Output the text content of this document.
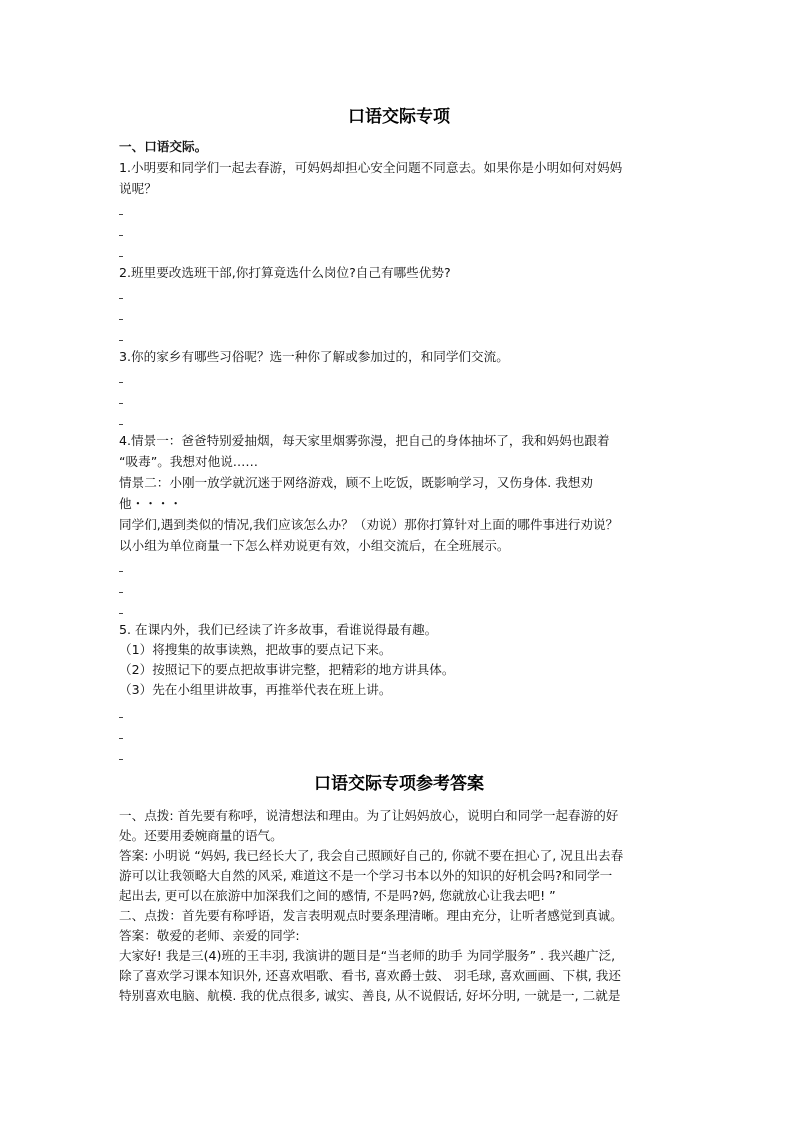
口语交际专项
一、口语交际。
1.小明要和同学们一起去春游，可妈妈却担心安全问题不同意去。如果你是小明如何对妈妈
说呢？
2.班里要改选班干部,你打算竟选什么岗位?自己有哪些优势?
3.你的家乡有哪些习俗呢？选一种你了解或参加过的，和同学们交流。
4.情景一：爸爸特别爱抽烟，每天家里烟雾弥漫，把自己的身体抽坏了，我和妈妈也跟着
“吸毒”。我想对他说……
情景二：小刚一放学就沉迷于网络游戏，顾不上吃饭，既影响学习，又伤身体. 我想劝
他・・・・
同学们,遇到类似的情况,我们应该怎么办？（劝说）那你打算针对上面的哪件事进行劝说？
以小组为单位商量一下怎么样劝说更有效，小组交流后，在全班展示。
5. 在课内外，我们已经读了许多故事，看谁说得最有趣。
（1）将搜集的故事读熟，把故事的要点记下来。
（2）按照记下的要点把故事讲完整，把精彩的地方讲具体。
（3）先在小组里讲故事，再推举代表在班上讲。
口语交际专项参考答案
一、点拨: 首先要有称呼，说清想法和理由。为了让妈妈放心，说明白和同学一起春游的好
处。还要用委婉商量的语气。
答案: 小明说 “妈妈, 我已经长大了, 我会自己照顾好自己的, 你就不要在担心了, 况且出去春
游可以让我领略大自然的风采, 难道这不是一个学习书本以外的知识的好机会吗?和同学一
起出去, 更可以在旅游中加深我们之间的感情, 不是吗?妈, 您就放心让我去吧! ”
二、点拨：首先要有称呼语，发言表明观点时要条理清晰。理由充分，让听者感觉到真诚。
答案：敬爱的老师、亲爱的同学:
大家好! 我是三(4)班的王丰羽, 我演讲的题目是“当老师的助手 为同学服务” . 我兴趣广泛,
除了喜欢学习课本知识外, 还喜欢唱歌、看书, 喜欢爵士鼓、 羽毛球, 喜欢画画、下棋, 我还
特别喜欢电脑、航模. 我的优点很多, 诚实、善良, 从不说假话, 好坏分明, 一就是一, 二就是
